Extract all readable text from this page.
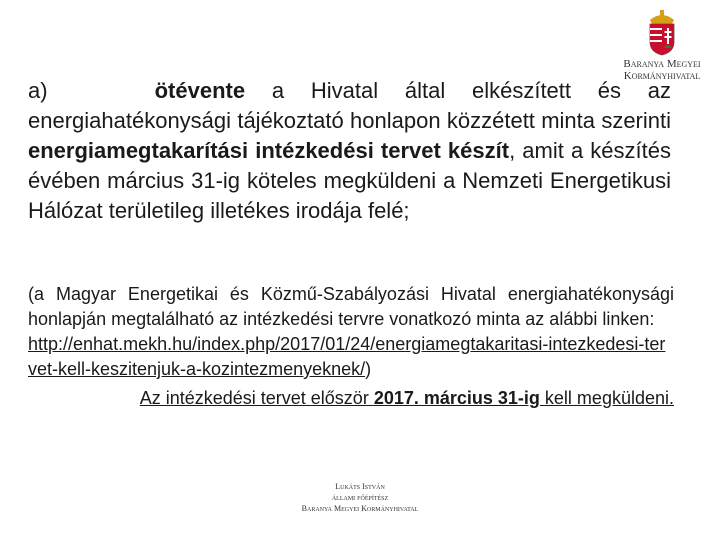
Baranya Megyei
Kormányhivatal

a)	ötévente a Hivatal által elkészített és az energiahatékonysági tájékoztató honlapon közzétett minta szerinti energiamegtakarítási intézkedési tervet készít, amit a készítés évében március 31-ig köteles megküldeni a Nemzeti Energetikusi Hálózat területileg illetékes irodája felé;

(a Magyar Energetikai és Közmű-Szabályozási Hivatal energiahatékonysági honlapján megtalálható az intézkedési tervre vonatkozó minta az alábbi linken:
http://enhat.mekh.hu/index.php/2017/01/24/energiamegtakaritasi-intezkedesi-tervet-kell-keszitenjuk-a-kozintezmenyeknek/)

Az intézkedési tervet először 2017. március 31-ig kell megküldeni.
Lukáts István
állami főépítész
Baranya Megyei Kormányhivatal
